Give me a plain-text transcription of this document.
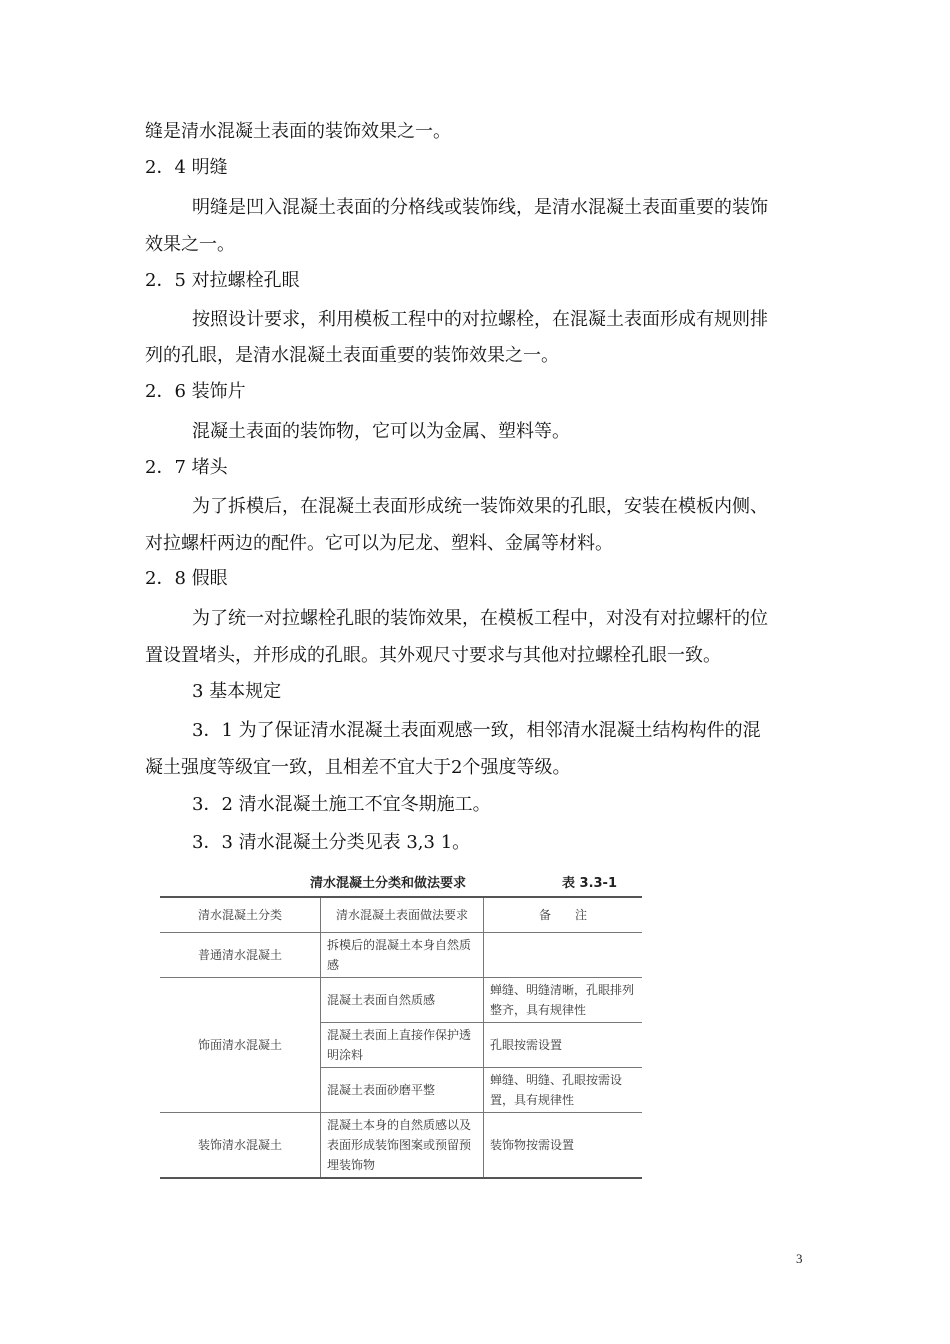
缝是清水混凝土表面的装饰效果之一。
2．4 明缝
明缝是凹入混凝土表面的分格线或装饰线，是清水混凝土表面重要的装饰
效果之一。
2．5 对拉螺栓孔眼
按照设计要求，利用模板工程中的对拉螺栓，在混凝土表面形成有规则排
列的孔眼，是清水混凝土表面重要的装饰效果之一。
2．6 装饰片
混凝土表面的装饰物，它可以为金属、塑料等。
2．7 堵头
为了拆模后，在混凝土表面形成统一装饰效果的孔眼，安装在模板内侧、
对拉螺杆两边的配件。它可以为尼龙、塑料、金属等材料。
2．8 假眼
为了统一对拉螺栓孔眼的装饰效果，在模板工程中，对没有对拉螺杆的位
置设置堵头，并形成的孔眼。其外观尺寸要求与其他对拉螺栓孔眼一致。
3 基本规定
3．1 为了保证清水混凝土表面观感一致，相邻清水混凝土结构构件的混
凝土强度等级宜一致，且相差不宜大于2个强度等级。
3．2 清水混凝土施工不宜冬期施工。
3．3 清水混凝土分类见表 3,3 1。
清水混凝土分类和做法要求	表 3.3-1
清水混凝土分类	清水混凝土表面做法要求	备　　注
普通清水混凝土	拆模后的混凝土本身自然质感	
饰面清水混凝土	混凝土表面自然质感	蝉缝、明缝清晰，孔眼排列整齐，具有规律性
	混凝土表面上直接作保护透明涂料	孔眼按需设置
	混凝土表面砂磨平整	蝉缝、明缝、孔眼按需设置，具有规律性
装饰清水混凝土	混凝土本身的自然质感以及表面形成装饰图案或预留预埋装饰物	装饰物按需设置
3
